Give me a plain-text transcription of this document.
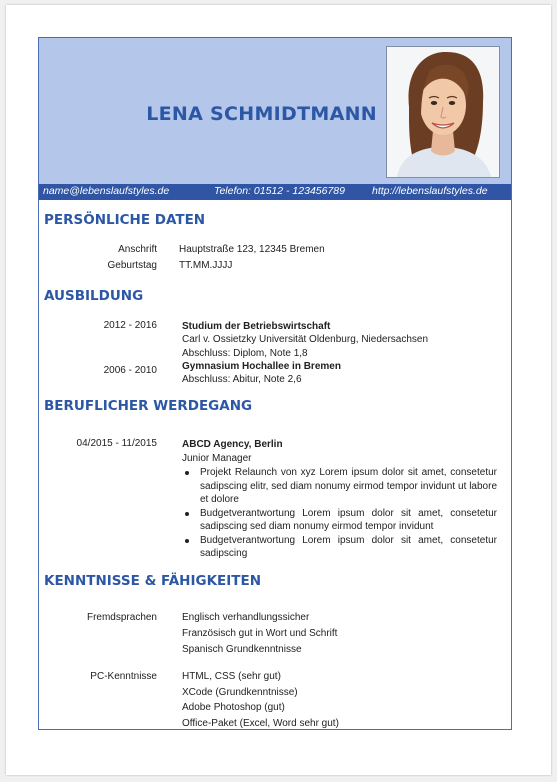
LENA SCHMIDTMANN
name@lebenslaufstyles.de	Telefon: 01512 - 123456789	http://lebenslaufstyles.de
PERSÖNLICHE DATEN
Anschrift Hauptstraße 123, 12345 Bremen
Geburtstag TT.MM.JJJJ
AUSBILDUNG
2012 - 2016	Studium der Betriebswirtschaft
Carl v. Ossietzky Universität Oldenburg, Niedersachsen
Abschluss: Diplom, Note 1,8
2006 - 2010	Gymnasium Hochallee in Bremen
Abschluss: Abitur, Note 2,6
BERUFLICHER WERDEGANG
04/2015 - 11/2015	ABCD Agency, Berlin
Junior Manager
Projekt Relaunch von xyz Lorem ipsum dolor sit amet, consetetur sadipscing elitr, sed diam nonumy eirmod tempor invidunt ut labore et dolore
Budgetverantwortung Lorem ipsum dolor sit amet, consetetur sadipscing sed diam nonumy eirmod tempor invidunt
Budgetverantwortung Lorem ipsum dolor sit amet, consetetur sadipscing
KENNTNISSE & FÄHIGKEITEN
Fremdsprachen	Englisch verhandlungssicher
Französisch gut in Wort und Schrift
Spanisch Grundkenntnisse
PC-Kenntnisse	HTML, CSS (sehr gut)
XCode (Grundkenntnisse)
Adobe Photoshop (gut)
Office-Paket (Excel, Word sehr gut)
